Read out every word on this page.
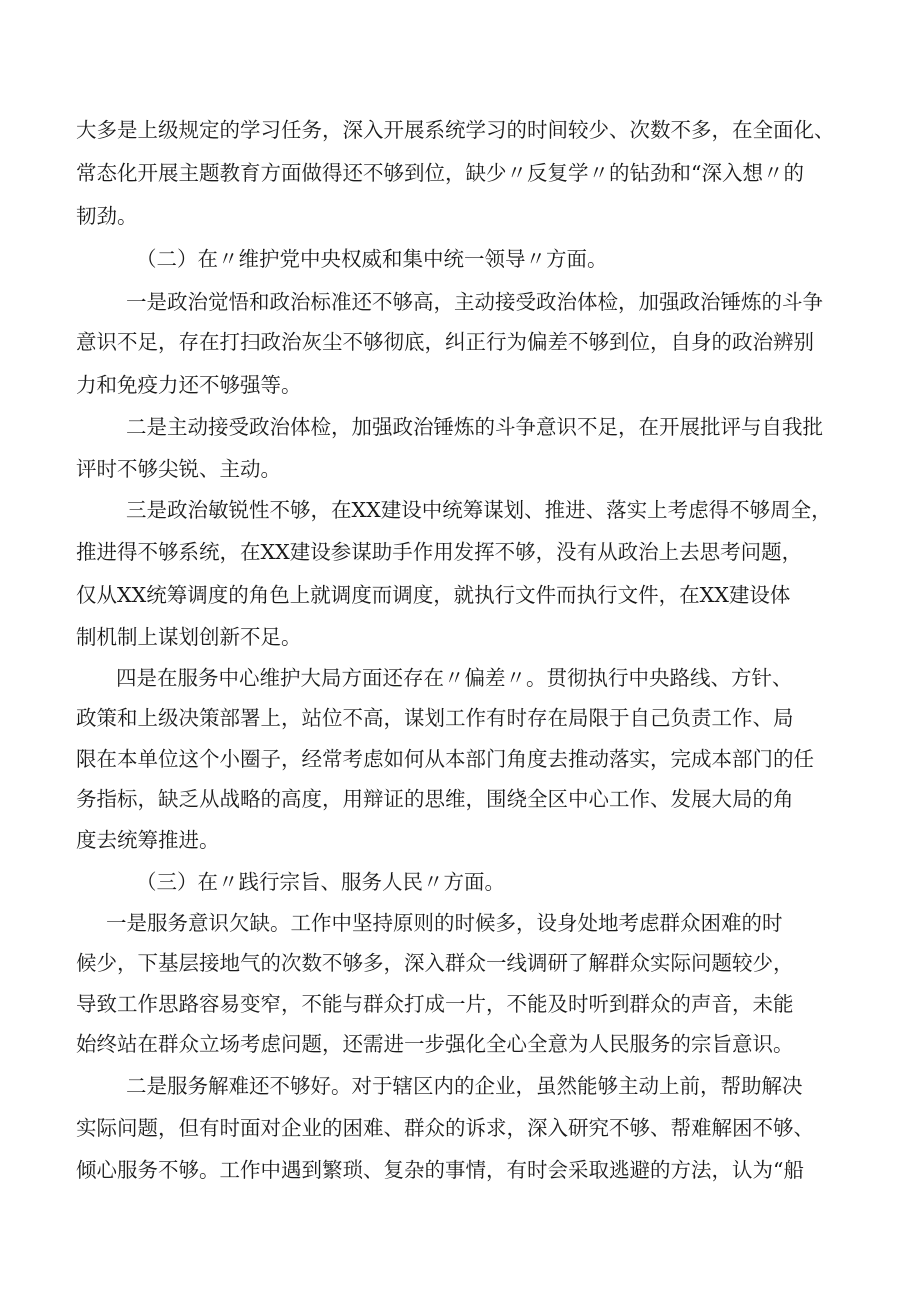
大多是上级规定的学习任务，深入开展系统学习的时间较少、次数不多，在全面化、
常态化开展主题教育方面做得还不够到位，缺少〃反复学〃的钻劲和“深入想〃的
韧劲。
（二）在〃维护党中央权威和集中统一领导〃方面。
一是政治觉悟和政治标准还不够高，主动接受政治体检，加强政治锤炼的斗争
意识不足，存在打扫政治灰尘不够彻底，纠正行为偏差不够到位，自身的政治辨别
力和免疫力还不够强等。
二是主动接受政治体检，加强政治锤炼的斗争意识不足，在开展批评与自我批
评时不够尖锐、主动。
三是政治敏锐性不够，在XX建设中统筹谋划、推进、落实上考虑得不够周全，
推进得不够系统，在XX建设参谋助手作用发挥不够，没有从政治上去思考问题，
仅从XX统筹调度的角色上就调度而调度，就执行文件而执行文件，在XX建设体
制机制上谋划创新不足。
四是在服务中心维护大局方面还存在〃偏差〃。贯彻执行中央路线、方针、
政策和上级决策部署上，站位不高，谋划工作有时存在局限于自己负责工作、局
限在本单位这个小圈子，经常考虑如何从本部门角度去推动落实，完成本部门的任
务指标，缺乏从战略的高度，用辩证的思维，围绕全区中心工作、发展大局的角
度去统筹推进。
（三）在〃践行宗旨、服务人民〃方面。
一是服务意识欠缺。工作中坚持原则的时候多，设身处地考虑群众困难的时
候少，下基层接地气的次数不够多，深入群众一线调研了解群众实际问题较少，
导致工作思路容易变窄，不能与群众打成一片，不能及时听到群众的声音，未能
始终站在群众立场考虑问题，还需进一步强化全心全意为人民服务的宗旨意识。
二是服务解难还不够好。对于辖区内的企业，虽然能够主动上前，帮助解决
实际问题，但有时面对企业的困难、群众的诉求，深入研究不够、帮难解困不够、
倾心服务不够。工作中遇到繁琐、复杂的事情，有时会采取逃避的方法，认为“船
